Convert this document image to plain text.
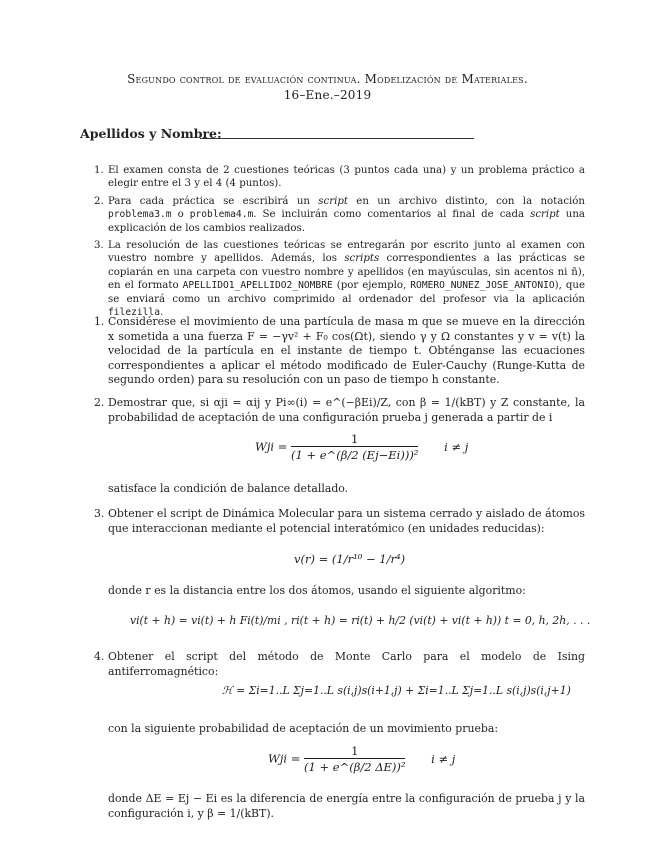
Segundo control de evaluación continua. Modelización de Materiales.
16–Ene.–2019
Apellidos y Nombre:
1. El examen consta de 2 cuestiones teóricas (3 puntos cada una) y un problema práctico a elegir entre el 3 y el 4 (4 puntos).
2. Para cada práctica se escribirá un script en un archivo distinto, con la notación problema3.m o problema4.m. Se incluirán como comentarios al final de cada script una explicación de los cambios realizados.
3. La resolución de las cuestiones teóricas se entregarán por escrito junto al examen con vuestro nombre y apellidos. Además, los scripts correspondientes a las prácticas se copiarán en una carpeta con vuestro nombre y apellidos (en mayúsculas, sin acentos ni ñ), en el formato APELLIDO1_APELLIDO2_NOMBRE (por ejemplo, ROMERO_NUNEZ_JOSE_ANTONIO), que se enviará como un archivo comprimido al ordenador del profesor via la aplicación filezilla.
1. Considérese el movimiento de una partícula de masa m que se mueve en la dirección x sometida a una fuerza F = −γv² + F₀ cos(Ωt), siendo γ y Ω constantes y v = v(t) la velocidad de la partícula en el instante de tiempo t. Obténganse las ecuaciones correspondientes a aplicar el método modificado de Euler-Cauchy (Runge-Kutta de segundo orden) para su resolución con un paso de tiempo h constante.
2. Demostrar que, si αji = αij y Pi∞(i) = e^(−βEi)/Z, con β = 1/(kBT) y Z constante, la probabilidad de aceptación de una configuración prueba j generada a partir de i
Wji = $\frac{1}{\text{(1 + e\textasciicircum{}(β/2 (Ej−Ei)))²}}$ i ≠ j
satisface la condición de balance detallado.
3. Obtener el script de Dinámica Molecular para un sistema cerrado y aislado de átomos que interaccionan mediante el potencial interatómico (en unidades reducidas):
v(r) = (1/r¹⁰ − 1/r⁴)
donde r es la distancia entre los dos átomos, usando el siguiente algoritmo:
vi(t + h) = vi(t) + h Fi(t)/mi , ri(t + h) = ri(t) + h/2 (vi(t) + vi(t + h)) t = 0, h, 2h, . . .
4. Obtener el script del método de Monte Carlo para el modelo de Ising antiferromagnético:
ℋ = Σi=1..L Σj=1..L s(i,j)s(i+1,j) + Σi=1..L Σj=1..L s(i,j)s(i,j+1)
con la siguiente probabilidad de aceptación de un movimiento prueba:
Wji = $\frac{1}{\text{(1 + e\textasciicircum{}(β/2 ΔE))²}}$ i ≠ j
donde ΔE = Ej − Ei es la diferencia de energía entre la configuración de prueba j y la configuración i, y β = 1/(kBT).
